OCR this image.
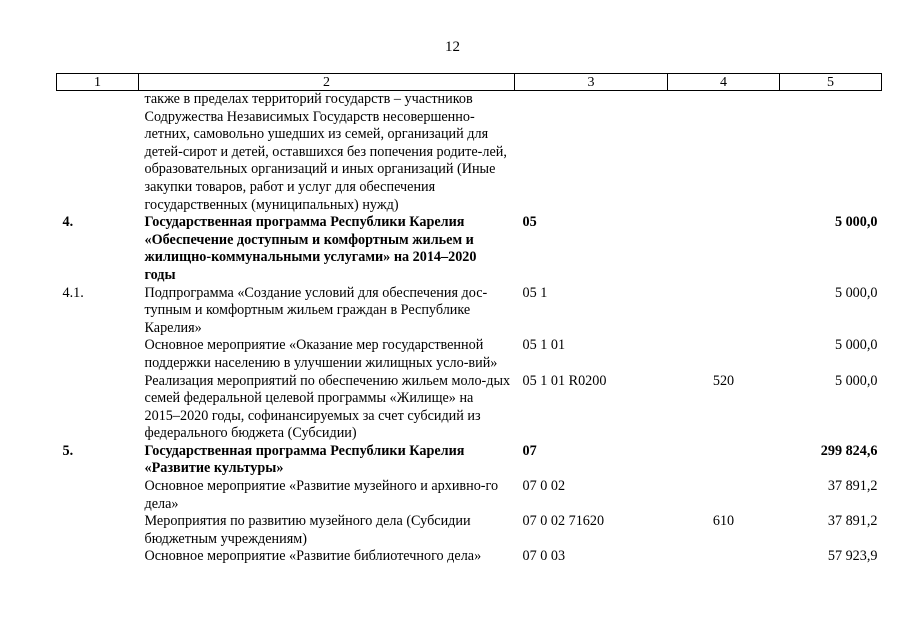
12
1	2	3	4	5
	также в пределах территорий государств – участников Содружества Независимых Государств несовершенно-летних, самовольно ушедших из семей, организаций для детей-сирот и детей, оставшихся без попечения родите-лей, образовательных организаций и иных организаций (Иные закупки товаров, работ и услуг для обеспечения государственных (муниципальных) нужд)			
4.	Государственная программа Республики Карелия «Обеспечение доступным и комфортным жильем и жилищно-коммунальными услугами» на 2014–2020 годы	05		5 000,0
4.1.	Подпрограмма «Создание условий для обеспечения дос-тупным и комфортным жильем граждан в Республике Карелия»	05 1		5 000,0
	Основное мероприятие «Оказание мер государственной поддержки населению в улучшении жилищных усло-вий»	05 1 01		5 000,0
	Реализация мероприятий по обеспечению жильем моло-дых семей федеральной целевой программы «Жилище» на 2015–2020 годы, софинансируемых за счет субсидий из федерального бюджета (Субсидии)	05 1 01 R0200	520	5 000,0
5.	Государственная программа Республики Карелия «Развитие культуры»	07		299 824,6
	Основное мероприятие «Развитие музейного и архивно-го дела»	07 0 02		37 891,2
	Мероприятия по развитию музейного дела (Субсидии бюджетным учреждениям)	07 0 02 71620	610	37 891,2
	Основное мероприятие «Развитие библиотечного дела»	07 0 03		57 923,9
